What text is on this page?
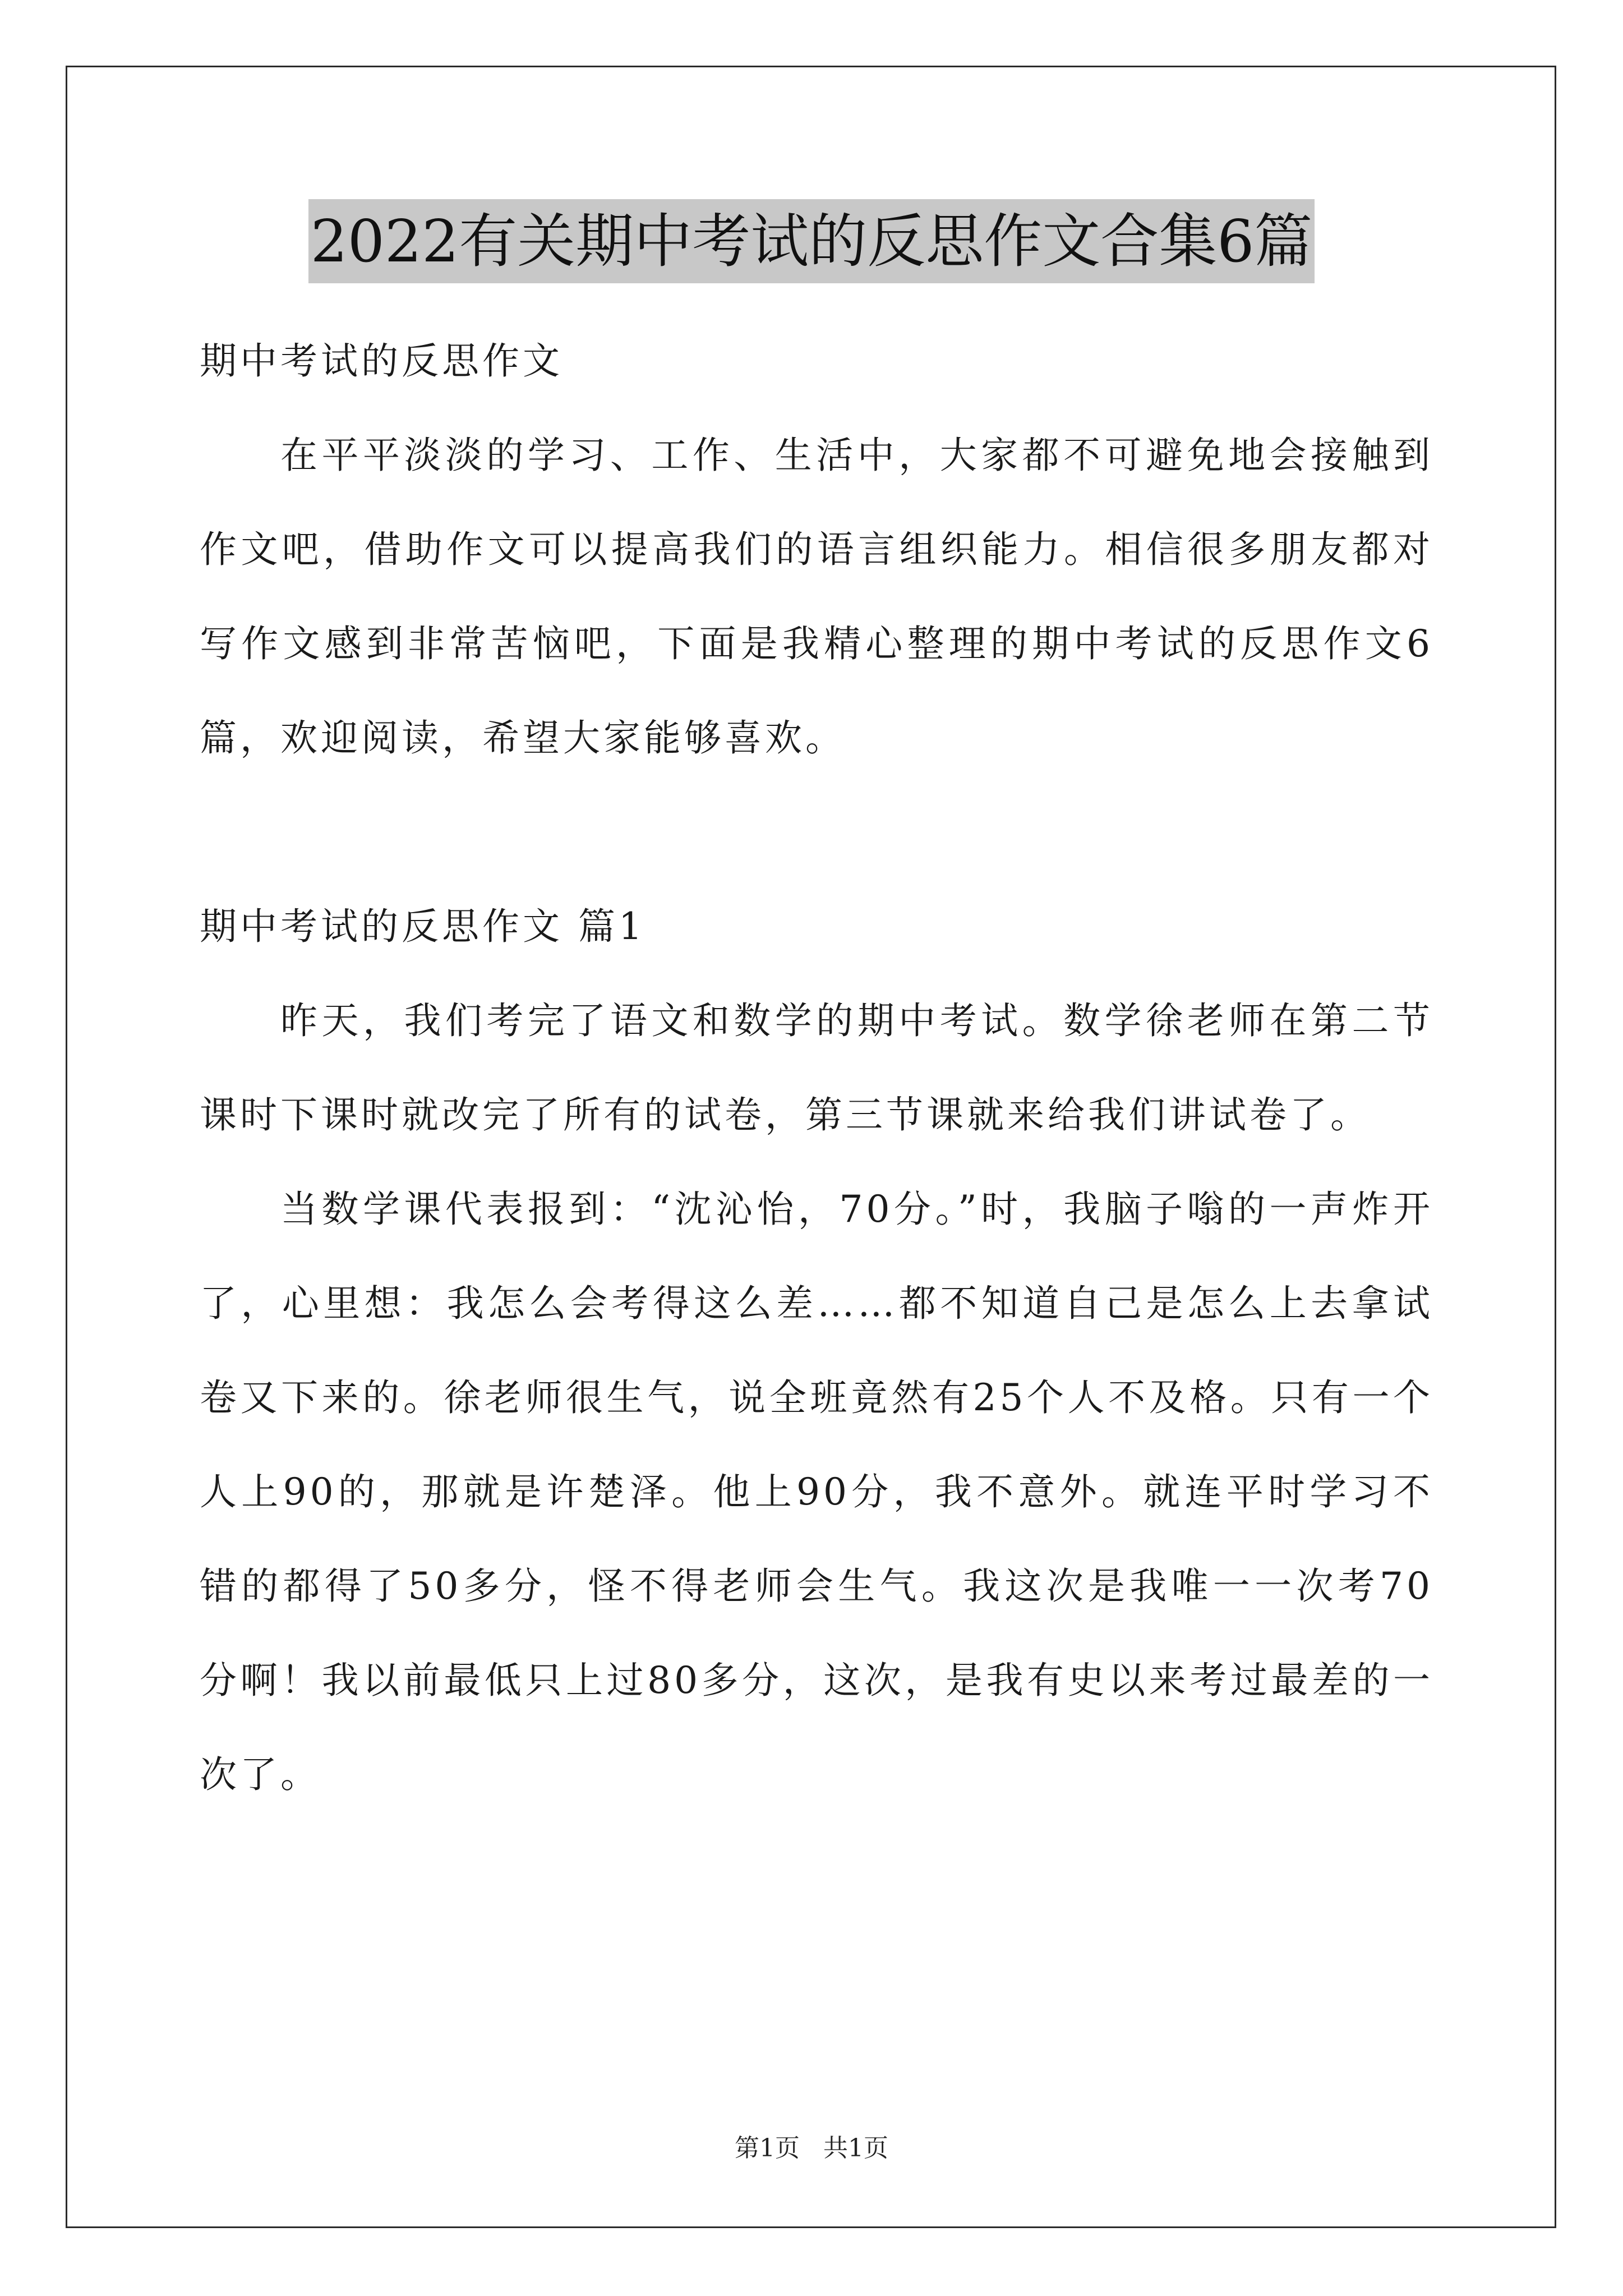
2022有关期中考试的反思作文合集6篇

期中考试的反思作文

在平平淡淡的学习、工作、生活中，大家都不可避免地会接触到作文吧，借助作文可以提高我们的语言组织能力。相信很多朋友都对写作文感到非常苦恼吧，下面是我精心整理的期中考试的反思作文6篇，欢迎阅读，希望大家能够喜欢。

期中考试的反思作文 篇1

昨天，我们考完了语文和数学的期中考试。数学徐老师在第二节课时下课时就改完了所有的试卷，第三节课就来给我们讲试卷了。

当数学课代表报到：“沈沁怡，70分。”时，我脑子嗡的一声炸开了，心里想：我怎么会考得这么差……都不知道自己是怎么上去拿试卷又下来的。徐老师很生气，说全班竟然有25个人不及格。只有一个人上90的，那就是许楚泽。他上90分，我不意外。就连平时学习不错的都得了50多分，怪不得老师会生气。我这次是我唯一一次考70分啊！我以前最低只上过80多分，这次，是我有史以来考过最差的一次了。

第1页 共1页
